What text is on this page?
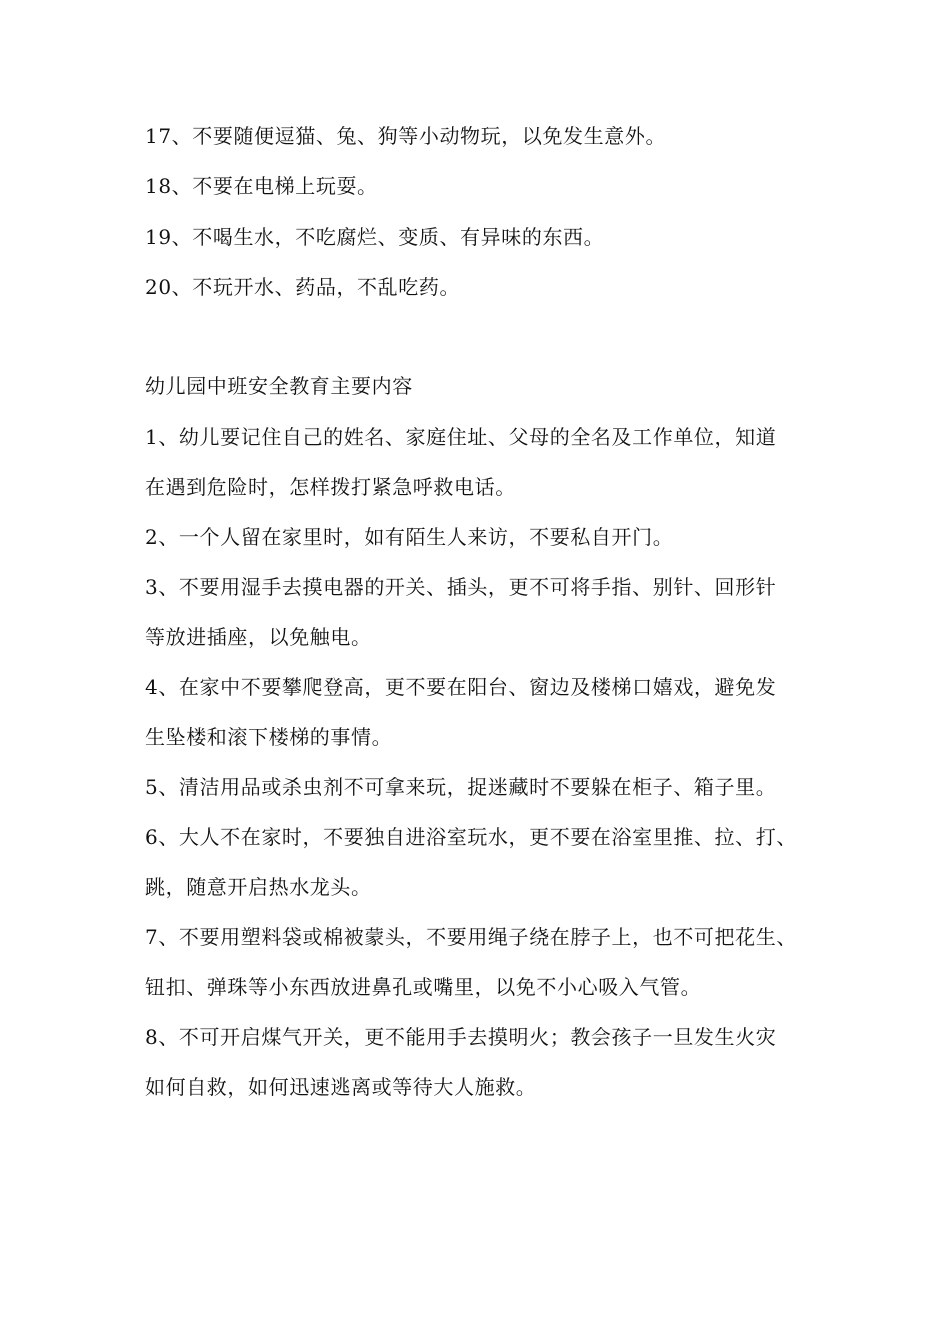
17、不要随便逗猫、兔、狗等小动物玩，以免发生意外。
18、不要在电梯上玩耍。
19、不喝生水，不吃腐烂、变质、有异味的东西。
20、不玩开水、药品，不乱吃药。
幼儿园中班安全教育主要内容
1、幼儿要记住自己的姓名、家庭住址、父母的全名及工作单位，知道
在遇到危险时，怎样拨打紧急呼救电话。
2、一个人留在家里时，如有陌生人来访，不要私自开门。
3、不要用湿手去摸电器的开关、插头，更不可将手指、别针、回形针
等放进插座，以免触电。
4、在家中不要攀爬登高，更不要在阳台、窗边及楼梯口嬉戏，避免发
生坠楼和滚下楼梯的事情。
5、清洁用品或杀虫剂不可拿来玩，捉迷藏时不要躲在柜子、箱子里。
6、大人不在家时，不要独自进浴室玩水，更不要在浴室里推、拉、打、
跳，随意开启热水龙头。
7、不要用塑料袋或棉被蒙头，不要用绳子绕在脖子上，也不可把花生、
钮扣、弹珠等小东西放进鼻孔或嘴里，以免不小心吸入气管。
8、不可开启煤气开关，更不能用手去摸明火；教会孩子一旦发生火灾
如何自救，如何迅速逃离或等待大人施救。
